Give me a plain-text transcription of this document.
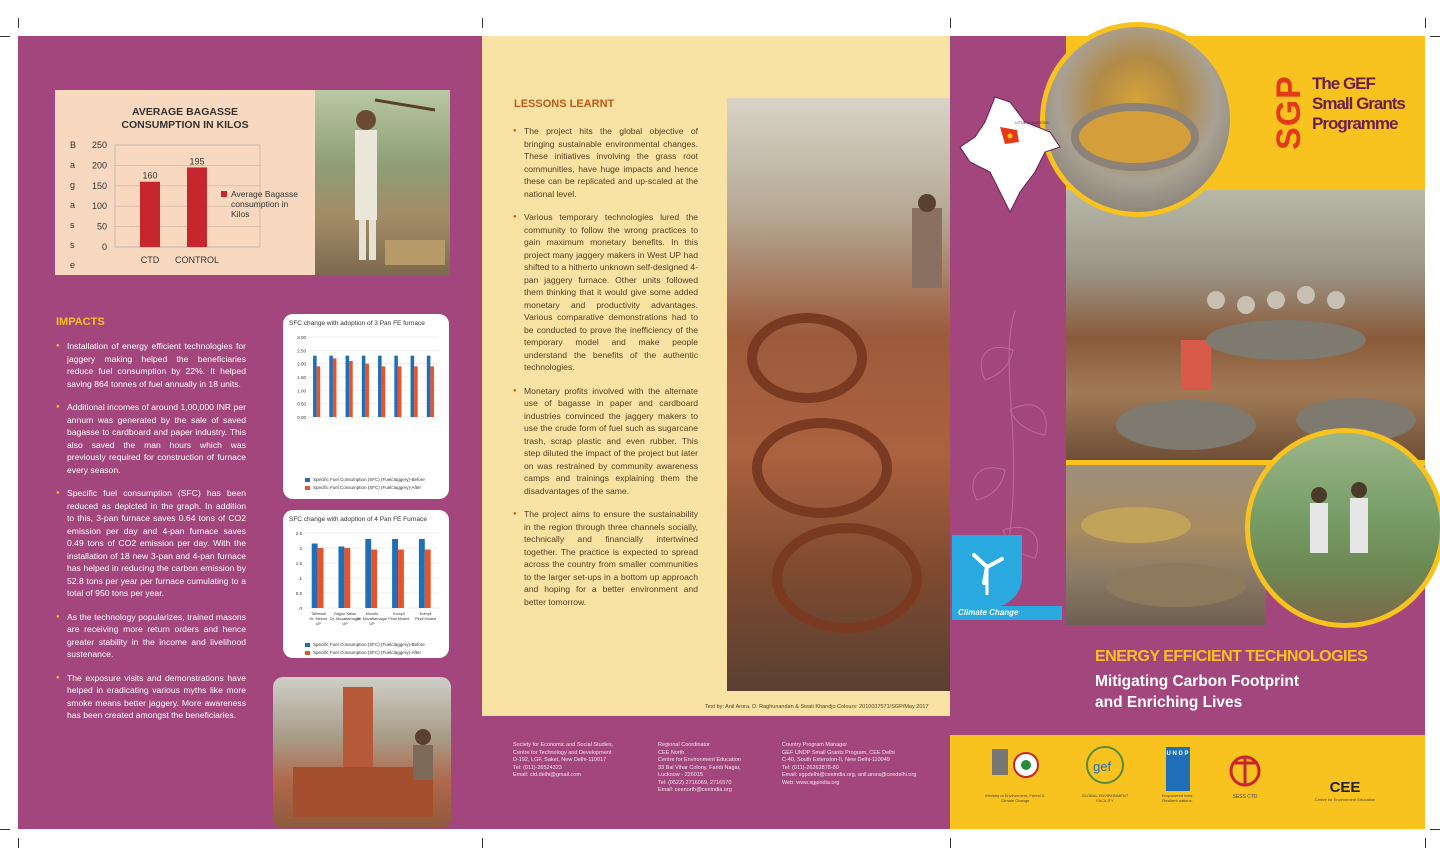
AVERAGE BAGASSE
CONSUMPTION IN KILOS
250
200
150
100
50
0
B
a
g
a
s
s
e
160
CTD
195
CONTROL
Average Bagasse
consumption in
Kilos
IMPACTS
● Installation of energy efficient technologies for jaggery making helped the beneficiaries reduce fuel consumption by 22%. It helped saving 864 tonnes of fuel annually in 18 units.
● Additional incomes of around 1,00,000 INR per annum was generated by the sale of saved bagasse to cardboard and paper industry. This also saved the man hours which was previously required for construction of furnace every season.
● Specific fuel consumption (SFC) has been reduced as depicted in the graph. In addition to this, 3-pan furnace saves 0.64 tons of CO2 emission per day and 4-pan furnace saves 0.49 tons of CO2 emission per day. With the installation of 18 new 3-pan and 4-pan furnace has helped in reducing the carbon emission by 52.8 tons per year per furnace cumulating to a total of 950 tons per year.
● As the technology popularizes, trained masons are receiving more return orders and hence greater stability in the income and livelihood sustenance.
● The exposure visits and demonstrations have helped in eradicating various myths like more smoke means better jaggery. More awareness has been created amongst the beneficiaries.
SFC change with adoption of 3 Pan FE furnace
3.00
2.50
2.00
1.50
1.00
0.50
0.00
Specific Fuel Consumption (SFC) (Fuel/Jaggery)-Before
Specific Fuel Consumption (SFC) (Fuel/Jaggery)-After
SFC change with adoption of 4 Pan FE Furnace
2.5
2
1.5
1
0.5
0
Tahlewal
Dt. Meerut
UP
Rajpur Kalan
Dt. Muzaffarnagar
UP
Mundhi
Dt. Muzaffarnagar
UP
Kompli
Pindi Moded
Kompli
Pindi Moded
Specific Fuel Consumption (SFC) (Fuel/Jaggery)-Before
Specific Fuel Consumption (SFC) (Fuel/Jaggery)-After
LESSONS LEARNT
● The project hits the global objective of bringing sustainable environmental changes. These initiatives involving the grass root communities, have huge impacts and hence these can be replicated and up-scaled at the national level.
● Various temporary technologies lured the community to follow the wrong practices to gain maximum monetary benefits. In this project many jaggery makers in West UP had shifted to a hitherto unknown self-designed 4-pan jaggery furnace. Other units followed them thinking that it would give some added monetary and productivity advantages. Various comparative demonstrations had to be conducted to prove the inefficiency of the temporary model and make people understand the benefits of the authentic technologies.
● Monetary profits involved with the alternate use of bagasse in paper and cardboard industries convinced the jaggery makers to use the crude form of fuel such as sugarcane trash, scrap plastic and even rubber. This step diluted the impact of the project but later on was restrained by community awareness camps and trainings explaining them the disadvantages of the same.
● The project aims to ensure the sustainability in the region through three channels socially, technically and financially intertwined together. The practice is expected to spread across the country from smaller communities to the larger set-ups in a bottom up approach and hoping for a better environment and better tomorrow.
Text by: Anil Arora, D. Raghunandan & Swati Khandjo Colours: 2010037571/SGP/May 2017
Society for Economic and Social Studies,
Centre for Technology and Development
D-192, LGF, Saket, New Delhi-110017
Tel: (011)-26524323
Email: ctd.delhi@gmail.com
Regional Coordinator
CEE North
Centre for Environment Education
33 Bal Vihar Colony, Faridi Nagar,
Lucknow - 226015
Tel: (0522) 2716069, 2716570
Email: ceenorth@ceeindia.org
Country Program Manager
GEF UNDP Small Grants Program, CEE Delhi
C-40, South Extension-II, New Delhi-110049
Tel: (011)-26262878-80
Email: sgpdelhi@ceeindia.org, anil.arora@ceedelhi.org
Web: www.sgpindia.org
SGP The GEF
Small Grants
Programme
UTTAR PRADESH
Climate Change
ENERGY EFFICIENT TECHNOLOGIES
Mitigating Carbon Footprint
and Enriching Lives
Ministry of Environment, Forest & Climate Change
gef
GLOBAL ENVIRONMENT FACILITY
U N D P
Empowered lives. Resilient nations.
SESS CTD
CEE
Centre for Environment Education
